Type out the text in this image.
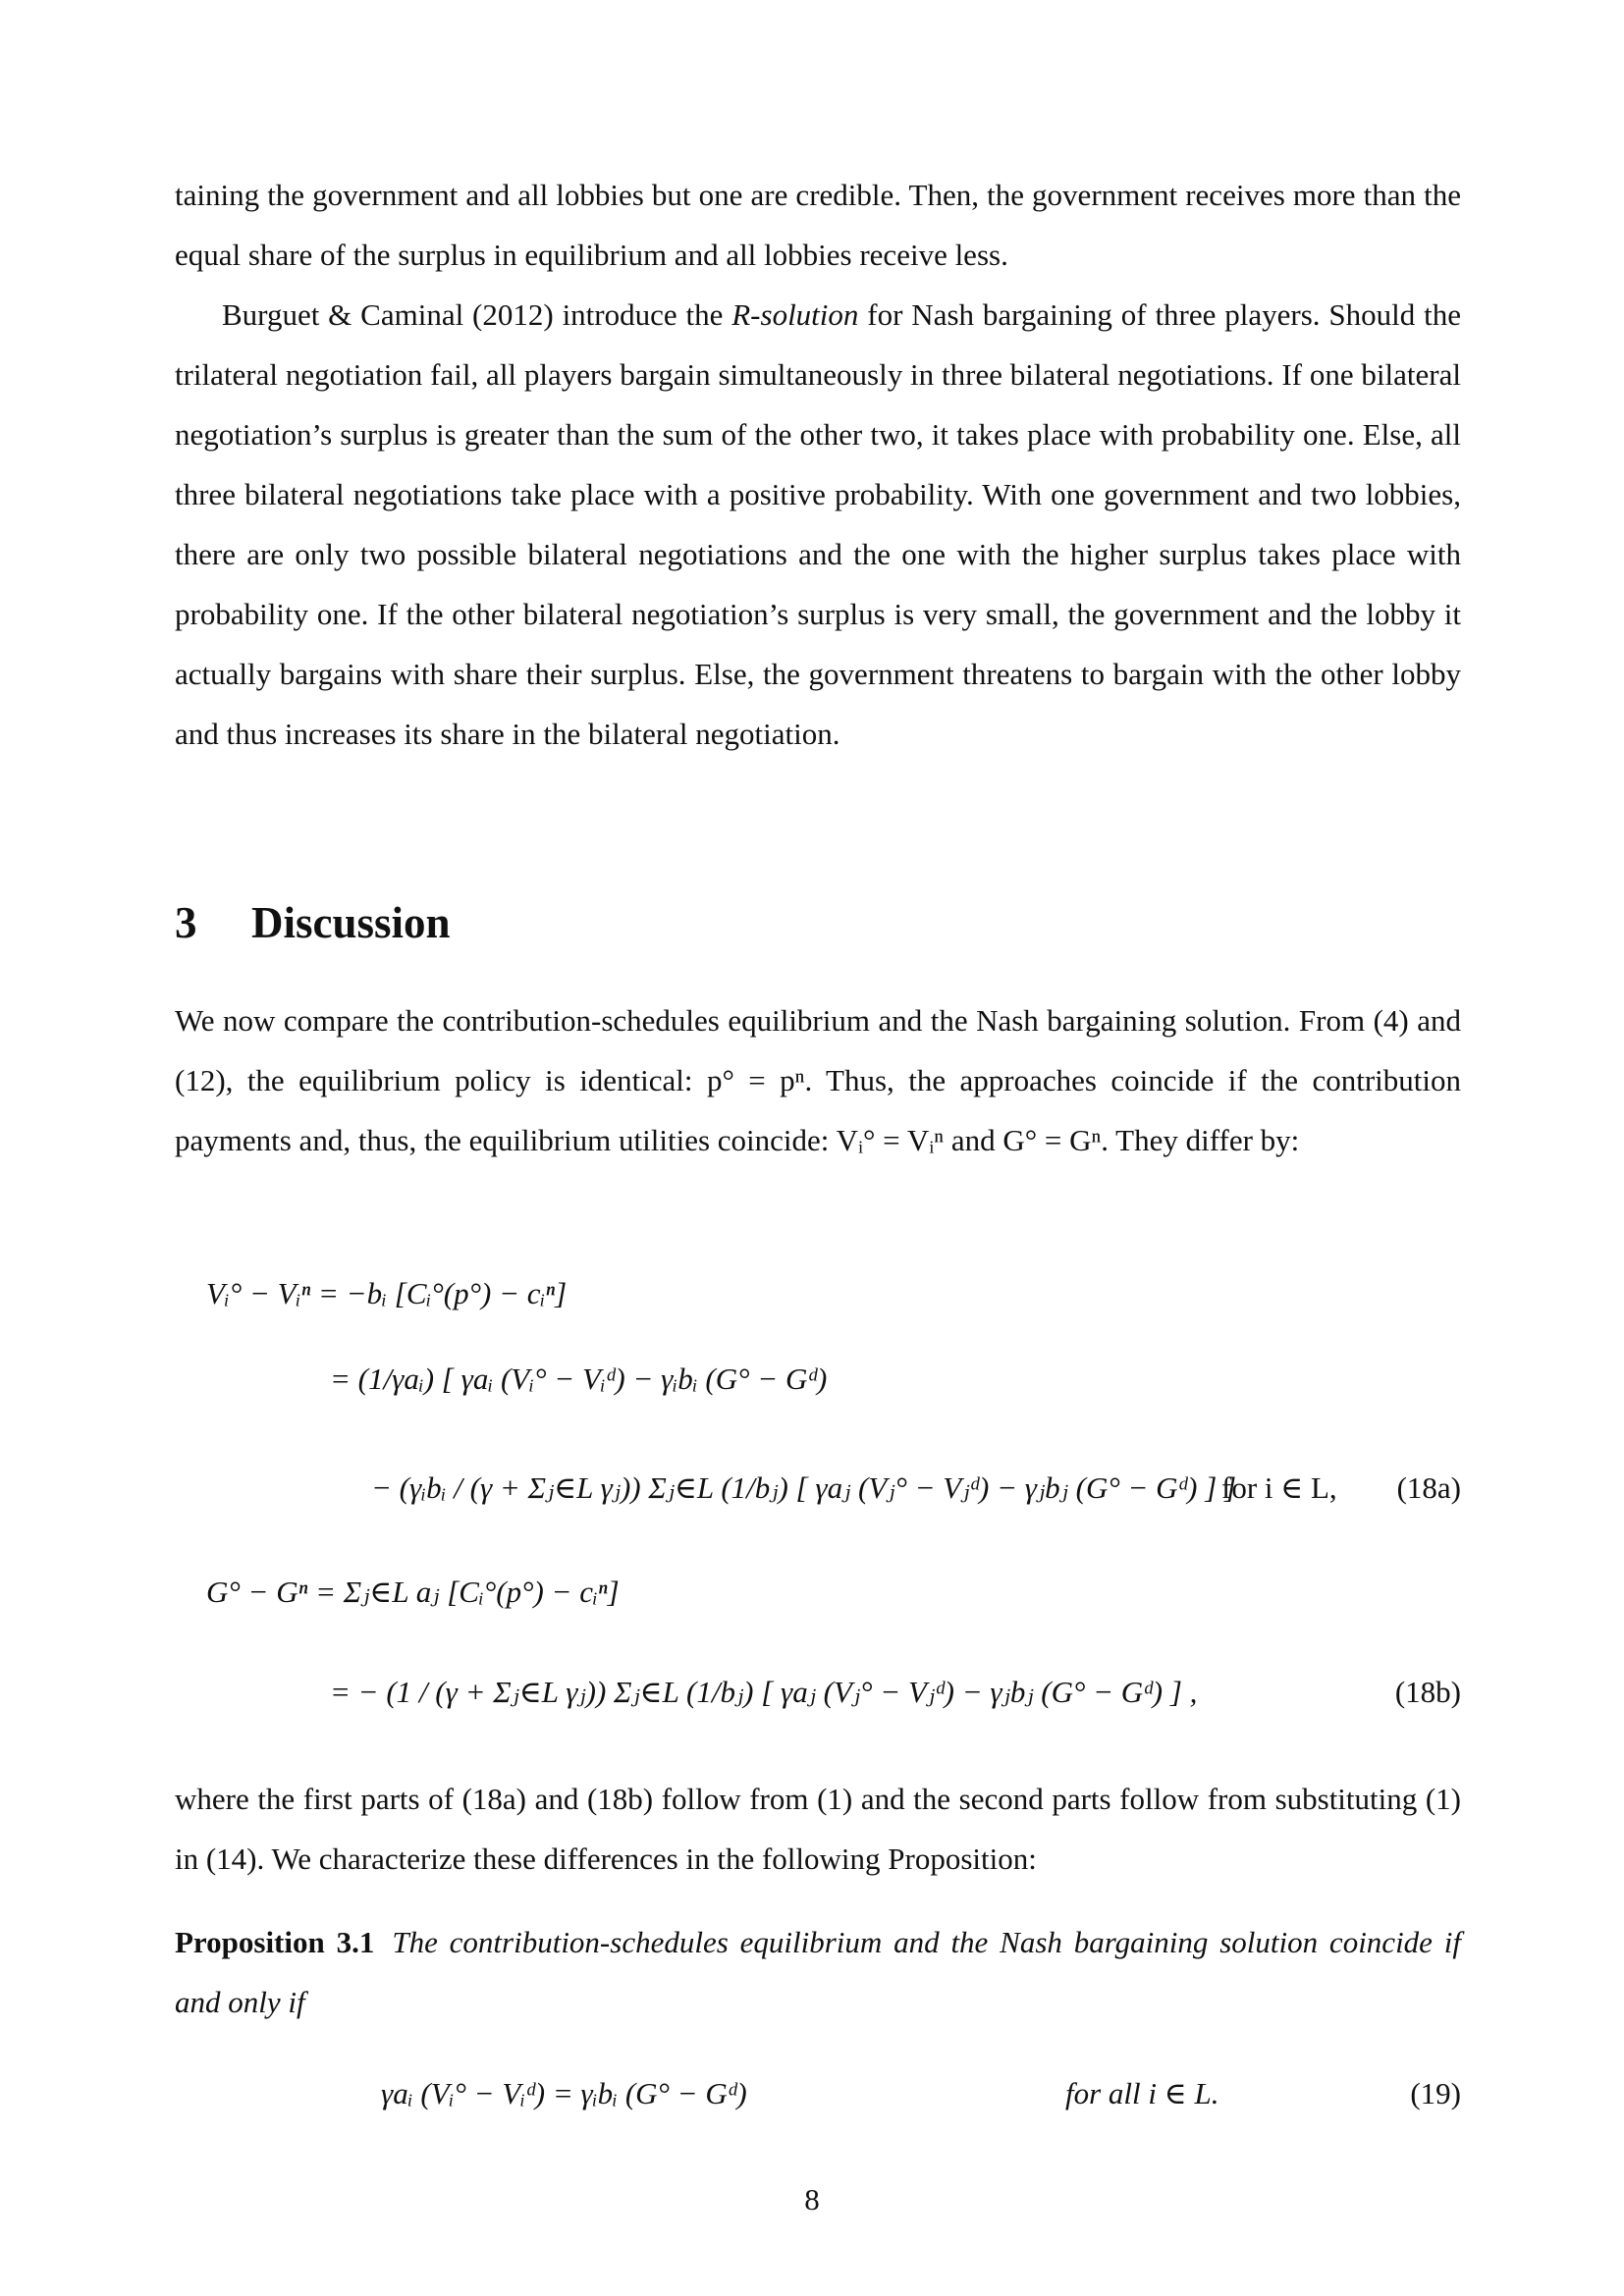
taining the government and all lobbies but one are credible. Then, the government receives more than the equal share of the surplus in equilibrium and all lobbies receive less.

Burguet & Caminal (2012) introduce the R-solution for Nash bargaining of three players. Should the trilateral negotiation fail, all players bargain simultaneously in three bilateral negotiations. If one bilateral negotiation’s surplus is greater than the sum of the other two, it takes place with probability one. Else, all three bilateral negotiations take place with a positive probability. With one government and two lobbies, there are only two possible bilateral negotiations and the one with the higher surplus takes place with probability one. If the other bilateral negotiation’s surplus is very small, the government and the lobby it actually bargains with share their surplus. Else, the government threatens to bargain with the other lobby and thus increases its share in the bilateral negotiation.

3 Discussion

We now compare the contribution-schedules equilibrium and the Nash bargaining solution. From (4) and (12), the equilibrium policy is identical: p° = pⁿ. Thus, the approaches coincide if the contribution payments and, thus, the equilibrium utilities coincide: Vᵢ° = Vᵢⁿ and G° = Gⁿ. They differ by:

Vᵢ° − Vᵢⁿ = −bᵢ [Cᵢ°(p°) − cᵢⁿ]
= (1/γaᵢ) [ γaᵢ (Vᵢ° − Vᵢᵈ) − γᵢbᵢ (G° − Gᵈ)
− (γᵢbᵢ / (γ + Σⱼ∈L γⱼ)) Σⱼ∈L (1/bⱼ) [ γaⱼ (Vⱼ° − Vⱼᵈ) − γⱼbⱼ (G° − Gᵈ) ] ]
for i ∈ L, (18a)
G° − Gⁿ = Σⱼ∈L aⱼ [Cᵢ°(p°) − cᵢⁿ]
= − (1 / (γ + Σⱼ∈L γⱼ)) Σⱼ∈L (1/bⱼ) [ γaⱼ (Vⱼ° − Vⱼᵈ) − γⱼbⱼ (G° − Gᵈ) ] ,	(18b)

where the first parts of (18a) and (18b) follow from (1) and the second parts follow from substituting (1) in (14). We characterize these differences in the following Proposition:

Proposition 3.1 The contribution-schedules equilibrium and the Nash bargaining solution coincide if and only if

γaᵢ (Vᵢ° − Vᵢᵈ) = γᵢbᵢ (G° − Gᵈ)	for all i ∈ L.	(19)
8
